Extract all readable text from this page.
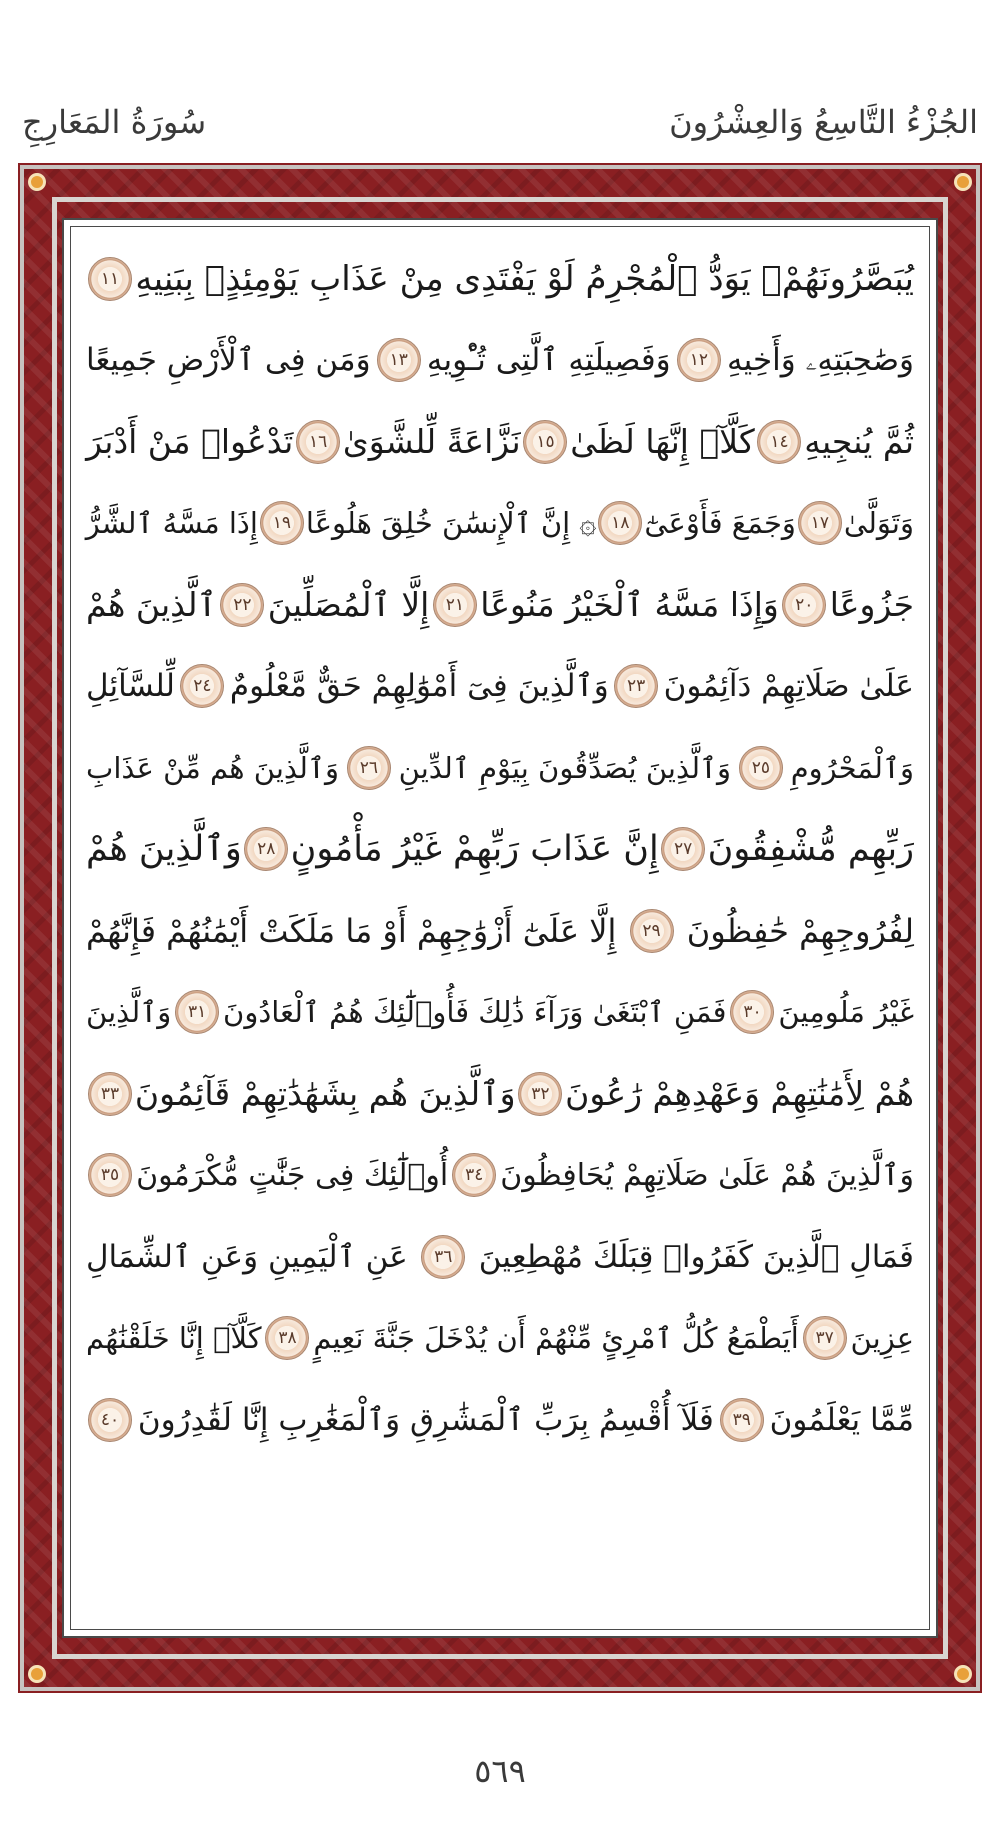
سُورَةُ المَعَارِجِ	الجُزْءُ التَّاسِعُ وَالعِشْرُونَ
يُبَصَّرُونَهُمْۚ يَوَدُّ ٱلْمُجْرِمُ لَوْ يَفْتَدِى مِنْ عَذَابِ يَوْمِئِذٍۭ بِبَنِيهِ
١١
وَصَٰحِبَتِهِۦ وَأَخِيهِ
١٢
وَفَصِيلَتِهِ ٱلَّتِى تُـْٔوِيهِ
١٣
وَمَن فِى ٱلْأَرْضِ جَمِيعًا
ثُمَّ يُنجِيهِ
١٤
كَلَّآۖ إِنَّهَا لَظَىٰ
١٥
نَزَّاعَةً لِّلشَّوَىٰ
١٦
تَدْعُوا۟ مَنْ أَدْبَرَ
وَتَوَلَّىٰ
١٧
وَجَمَعَ فَأَوْعَىٰٓ
١٨
۞ إِنَّ ٱلْإِنسَٰنَ خُلِقَ هَلُوعًا
١٩
إِذَا مَسَّهُ ٱلشَّرُّ
جَزُوعًا
٢٠
وَإِذَا مَسَّهُ ٱلْخَيْرُ مَنُوعًا
٢١
إِلَّا ٱلْمُصَلِّينَ
٢٢
ٱلَّذِينَ هُمْ
عَلَىٰ صَلَاتِهِمْ دَآئِمُونَ
٢٣
وَٱلَّذِينَ فِىٓ أَمْوَٰلِهِمْ حَقٌّ مَّعْلُومٌ
٢٤
لِّلسَّآئِلِ
وَٱلْمَحْرُومِ
٢٥
وَٱلَّذِينَ يُصَدِّقُونَ بِيَوْمِ ٱلدِّينِ
٢٦
وَٱلَّذِينَ هُم مِّنْ عَذَابِ
رَبِّهِم مُّشْفِقُونَ
٢٧
إِنَّ عَذَابَ رَبِّهِمْ غَيْرُ مَأْمُونٍ
٢٨
وَٱلَّذِينَ هُمْ
لِفُرُوجِهِمْ حَٰفِظُونَ
٢٩
إِلَّا عَلَىٰٓ أَزْوَٰجِهِمْ أَوْ مَا مَلَكَتْ أَيْمَٰنُهُمْ فَإِنَّهُمْ
غَيْرُ مَلُومِينَ
٣٠
فَمَنِ ٱبْتَغَىٰ وَرَآءَ ذَٰلِكَ فَأُو۟لَٰٓئِكَ هُمُ ٱلْعَادُونَ
٣١
وَٱلَّذِينَ
هُمْ لِأَمَٰنَٰتِهِمْ وَعَهْدِهِمْ رَٰعُونَ
٣٢
وَٱلَّذِينَ هُم بِشَهَٰدَٰتِهِمْ قَآئِمُونَ
٣٣
وَٱلَّذِينَ هُمْ عَلَىٰ صَلَاتِهِمْ يُحَافِظُونَ
٣٤
أُو۟لَٰٓئِكَ فِى جَنَّٰتٍ مُّكْرَمُونَ
٣٥
فَمَالِ ٱلَّذِينَ كَفَرُوا۟ قِبَلَكَ مُهْطِعِينَ
٣٦
عَنِ ٱلْيَمِينِ وَعَنِ ٱلشِّمَالِ
عِزِينَ
٣٧
أَيَطْمَعُ كُلُّ ٱمْرِئٍ مِّنْهُمْ أَن يُدْخَلَ جَنَّةَ نَعِيمٍ
٣٨
كَلَّآۖ إِنَّا خَلَقْنَٰهُم
مِّمَّا يَعْلَمُونَ
٣٩
فَلَآ أُقْسِمُ بِرَبِّ ٱلْمَشَٰرِقِ وَٱلْمَغَٰرِبِ إِنَّا لَقَٰدِرُونَ
٤٠
٥٦٩
